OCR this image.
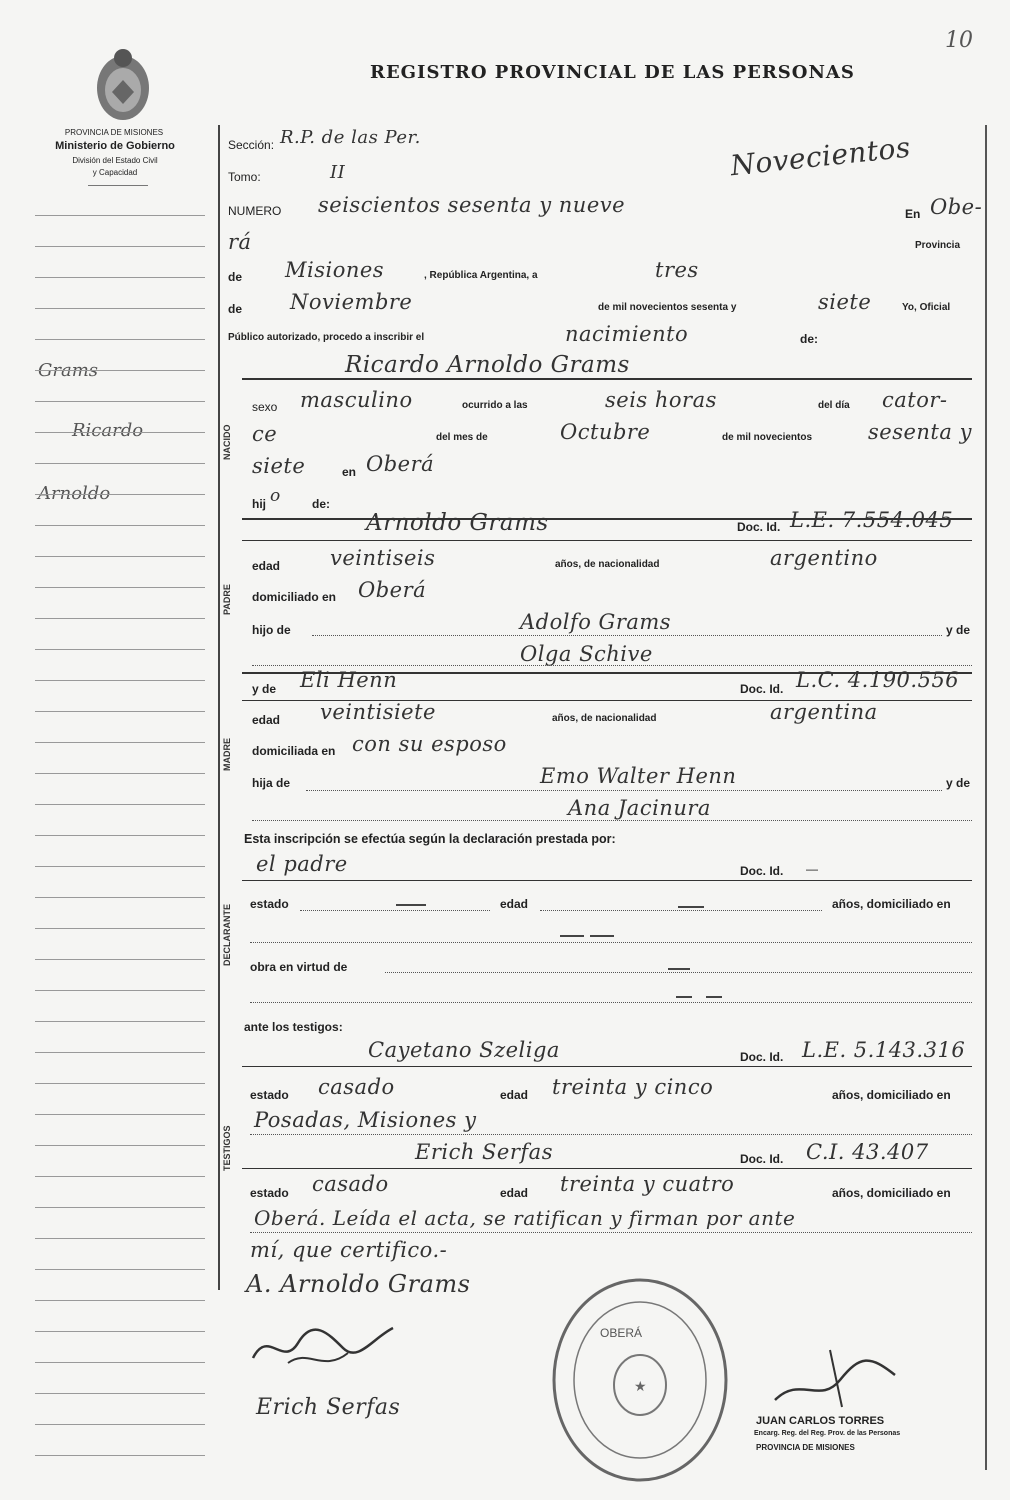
10
PROVINCIA DE MISIONES
Ministerio de Gobierno
División del Estado Civil
y Capacidad
REGISTRO PROVINCIAL DE LAS PERSONAS
Grams
Ricardo
Arnoldo
Sección: R.P. de las Per.
Tomo:	II
NUMERO seiscientos sesenta y nueve
Novecientos
En Obe-
rá	Provincia
de Misiones	, República Argentina, a	tres
de Noviembre	de mil novecientos sesenta y	siete	Yo, Oficial
Público autorizado, procedo a inscribir el	nacimiento	de:
Ricardo Arnoldo Grams
NACIDO
sexo masculino	ocurrido a las	seis horas	del día cator-
ce	del mes de	Octubre	de mil novecientos	sesenta y
siete	en Oberá
hij o	de:
PADRE
Arnoldo Grams	Doc. Id. L.E. 7.554.045
edad veintiseis	años, de nacionalidad	argentino
domiciliado en Oberá
hijo de	Adolfo Grams	y de
Olga Schive
MADRE
y de Eli Henn	Doc. Id. L.C. 4.190.556
edad veintisiete	años, de nacionalidad	argentina
domiciliada en con su esposo
hija de	Emo Walter Henn	y de
Ana Jacinura
Esta inscripción se efectúa según la declaración prestada por:
DECLARANTE
el padre	Doc. Id. —
estado	edad	años, domiciliado en
obra en virtud de
ante los testigos:
TESTIGOS
Cayetano Szeliga	Doc. Id. L.E. 5.143.316
estado casado	edad treinta y cinco	años, domiciliado en
Posadas, Misiones y
Erich Serfas	Doc. Id. C.I. 43.407
estado casado	edad treinta y cuatro	años, domiciliado en
Oberá. Leída el acta, se ratifican y firman por ante
mí, que certifico.-
A. Arnoldo Grams
Erich Serfas
OBERÁ
★
JUAN CARLOS TORRES
Encarg. Reg. del Reg. Prov. de las Personas
PROVINCIA DE MISIONES
